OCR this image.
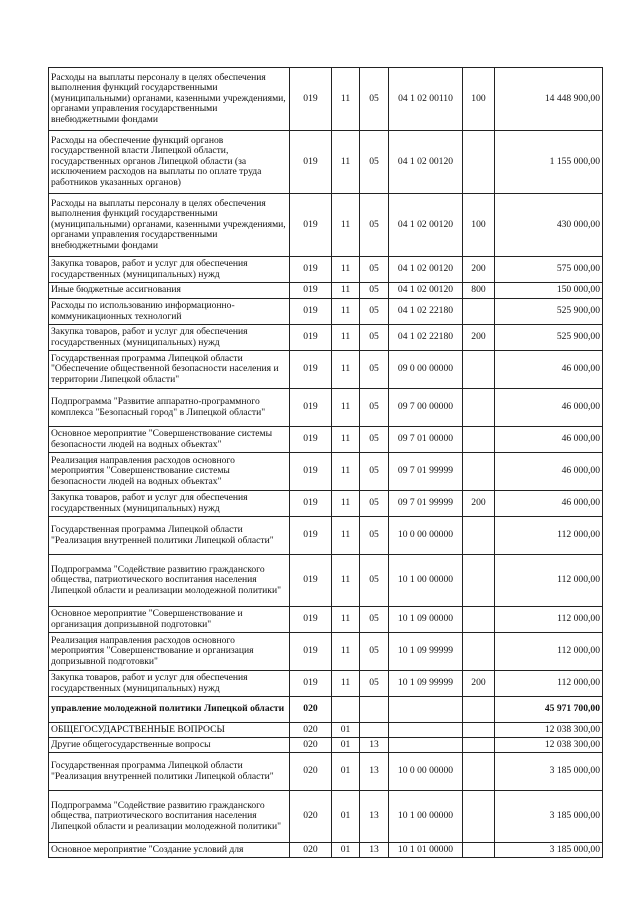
Расходы на выплаты персоналу в целях обеспечения выполнения функций государственными (муниципальными) органами, казенными учреждениями, органами управления государственными внебюджетными фондами	019	11	05	04 1 02 00110	100	14 448 900,00
Расходы на обеспечение функций органов государственной власти Липецкой области, государственных органов Липецкой области (за исключением расходов на выплаты по оплате труда работников указанных органов)	019	11	05	04 1 02 00120		1 155 000,00
Расходы на выплаты персоналу в целях обеспечения выполнения функций государственными (муниципальными) органами, казенными учреждениями, органами управления государственными внебюджетными фондами	019	11	05	04 1 02 00120	100	430 000,00
Закупка товаров, работ и услуг для обеспечения государственных (муниципальных) нужд	019	11	05	04 1 02 00120	200	575 000,00
Иные бюджетные ассигнования	019	11	05	04 1 02 00120	800	150 000,00
Расходы по использованию информационно-коммуникационных технологий	019	11	05	04 1 02 22180		525 900,00
Закупка товаров, работ и услуг для обеспечения государственных (муниципальных) нужд	019	11	05	04 1 02 22180	200	525 900,00
Государственная программа Липецкой области "Обеспечение общественной безопасности населения и территории Липецкой области"	019	11	05	09 0 00 00000		46 000,00
Подпрограмма "Развитие аппаратно-программного комплекса "Безопасный город" в Липецкой области"	019	11	05	09 7 00 00000		46 000,00
Основное мероприятие "Совершенствование системы безопасности людей на водных объектах"	019	11	05	09 7 01 00000		46 000,00
Реализация направления расходов основного мероприятия "Совершенствование системы безопасности людей на водных объектах"	019	11	05	09 7 01 99999		46 000,00
Закупка товаров, работ и услуг для обеспечения государственных (муниципальных) нужд	019	11	05	09 7 01 99999	200	46 000,00
Государственная программа Липецкой области "Реализация внутренней политики Липецкой области"	019	11	05	10 0 00 00000		112 000,00
Подпрограмма "Содействие развитию гражданского общества, патриотического воспитания населения Липецкой области и реализации молодежной политики"	019	11	05	10 1 00 00000		112 000,00
Основное мероприятие "Совершенствование и организация допризывной подготовки"	019	11	05	10 1 09 00000		112 000,00
Реализация направления расходов основного мероприятия "Совершенствование и организация допризывной подготовки"	019	11	05	10 1 09 99999		112 000,00
Закупка товаров, работ и услуг для обеспечения государственных (муниципальных) нужд	019	11	05	10 1 09 99999	200	112 000,00
управление молодежной политики Липецкой области	020					45 971 700,00
ОБЩЕГОСУДАРСТВЕННЫЕ ВОПРОСЫ	020	01				12 038 300,00
Другие общегосударственные вопросы	020	01	13			12 038 300,00
Государственная программа Липецкой области "Реализация внутренней политики Липецкой области"	020	01	13	10 0 00 00000		3 185 000,00
Подпрограмма "Содействие развитию гражданского общества, патриотического воспитания населения Липецкой области и реализации молодежной политики"	020	01	13	10 1 00 00000		3 185 000,00
Основное мероприятие "Создание условий для	020	01	13	10 1 01 00000		3 185 000,00
